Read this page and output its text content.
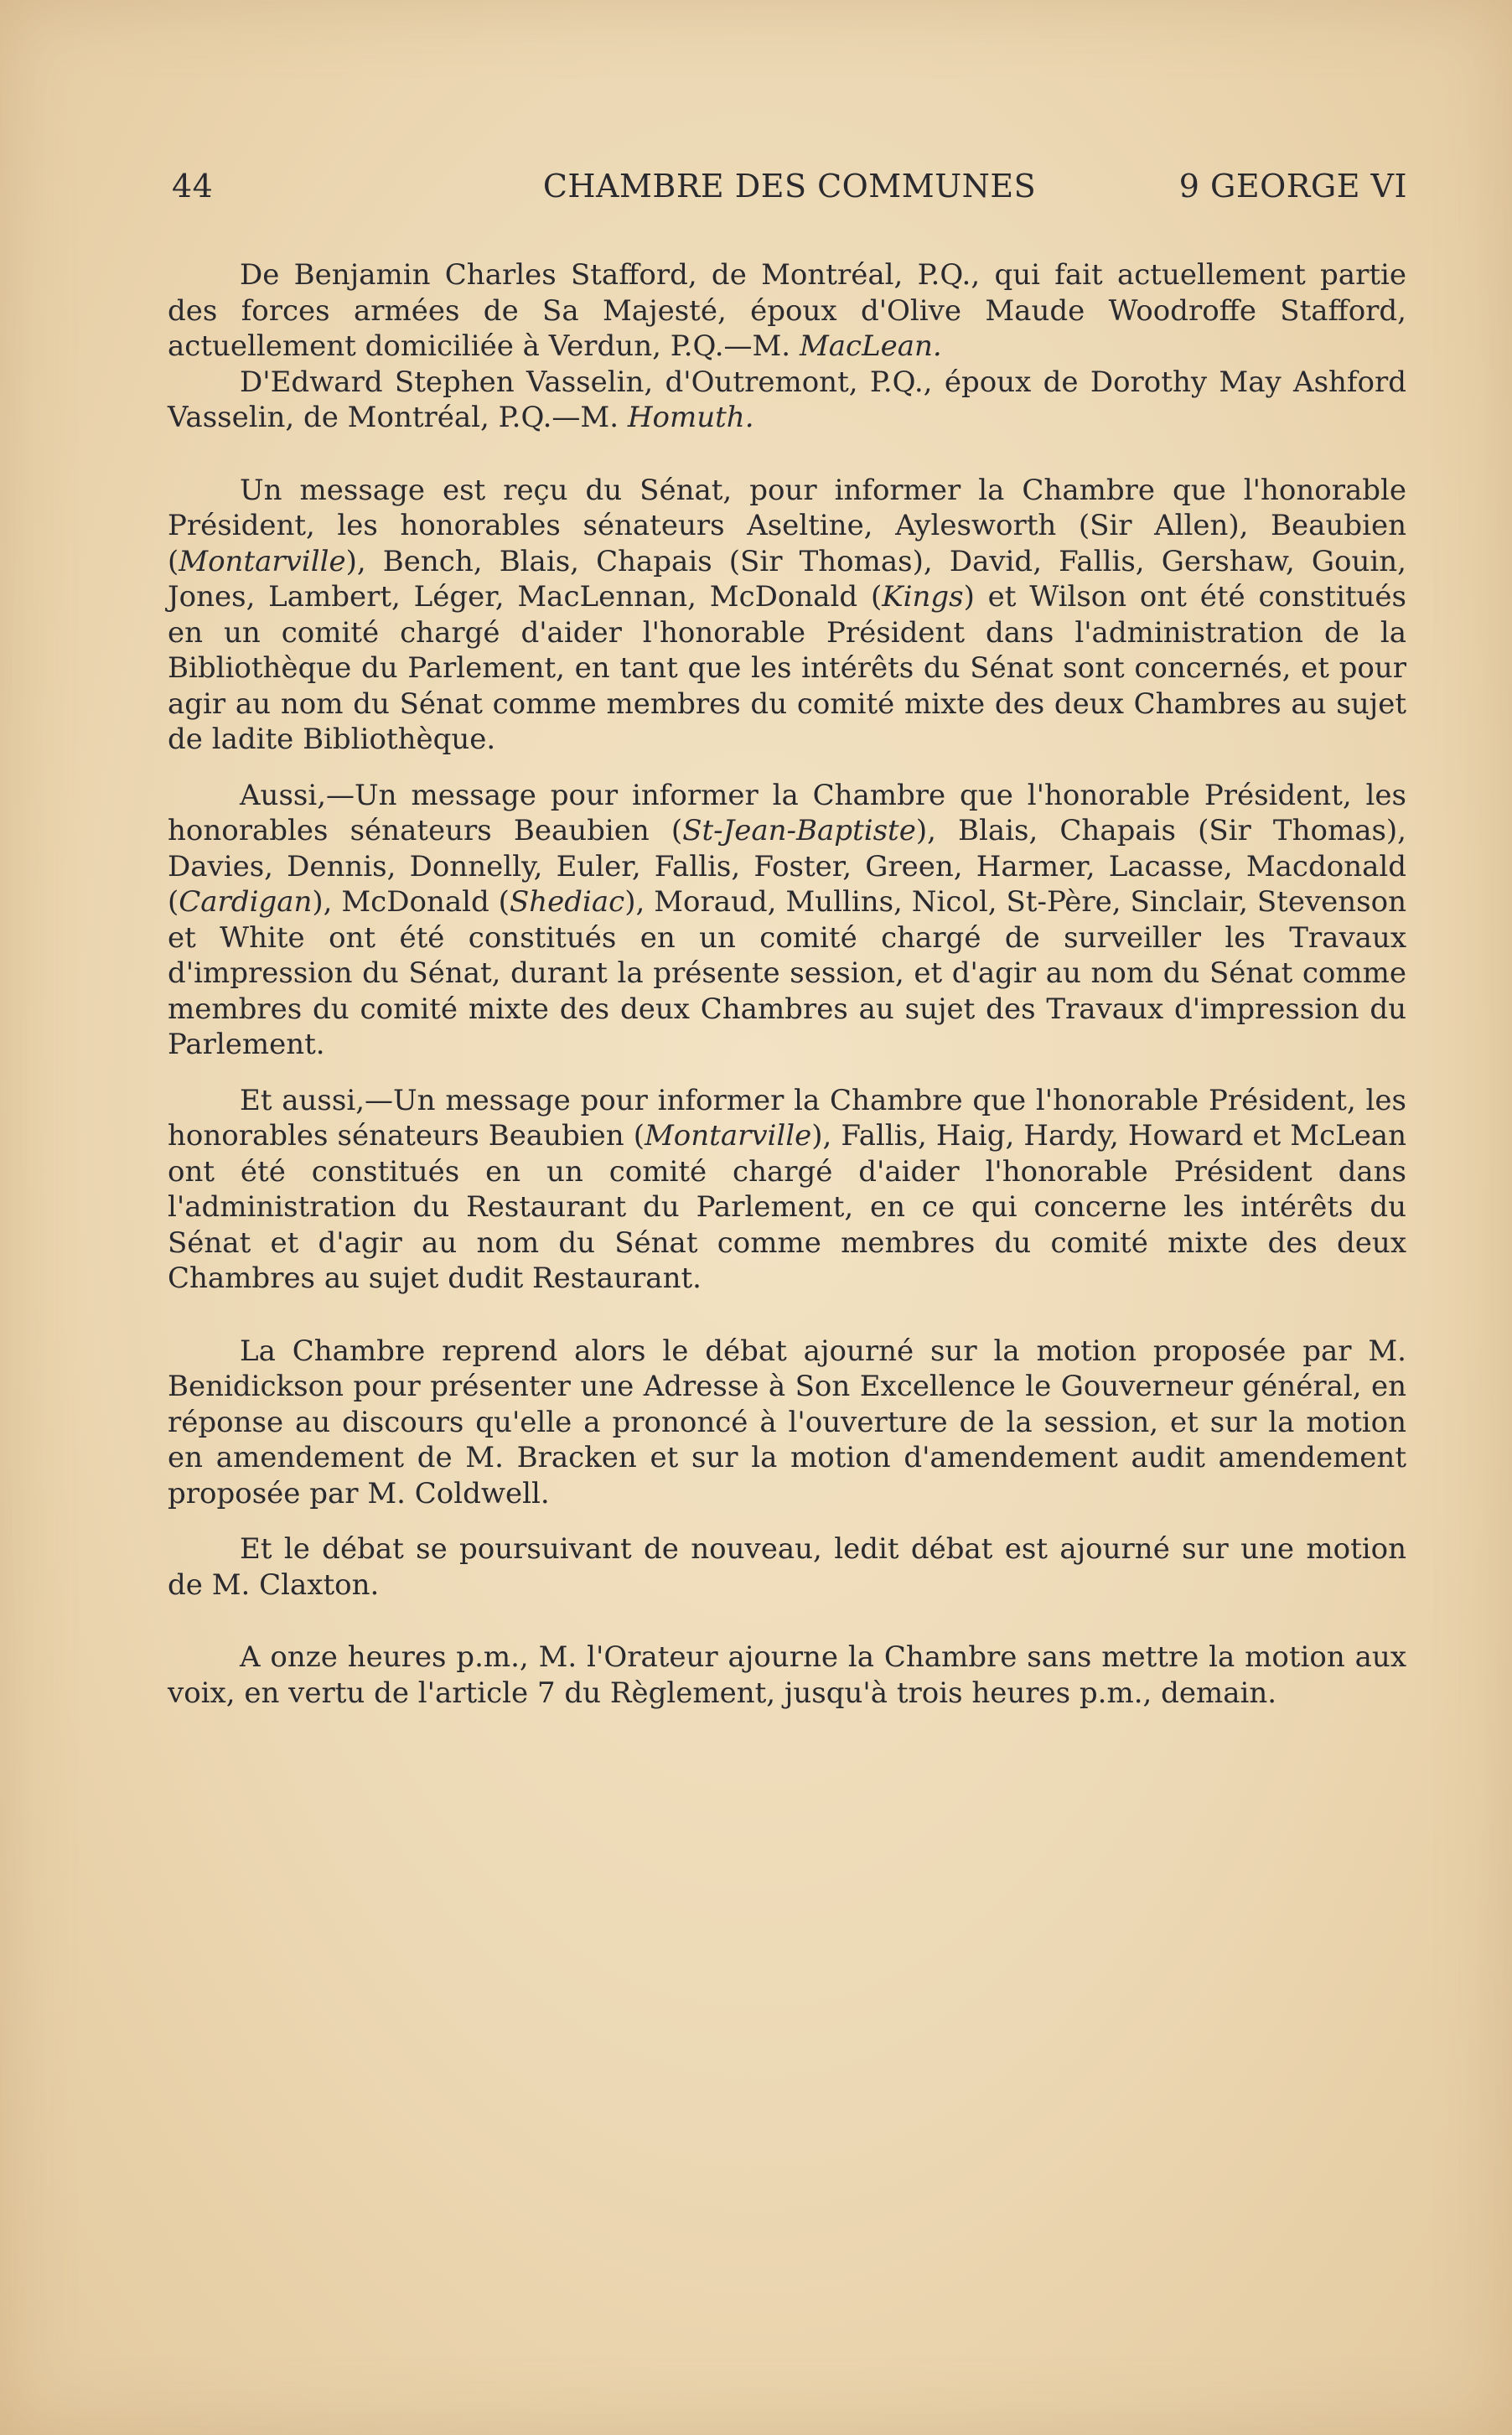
44	CHAMBRE DES COMMUNES	9 GEORGE VI

De Benjamin Charles Stafford, de Montréal, P.Q., qui fait actuellement partie des forces armées de Sa Majesté, époux d'Olive Maude Woodroffe Stafford, actuellement domiciliée à Verdun, P.Q.—M. MacLean.

D'Edward Stephen Vasselin, d'Outremont, P.Q., époux de Dorothy May Ashford Vasselin, de Montréal, P.Q.—M. Homuth.

Un message est reçu du Sénat, pour informer la Chambre que l'honorable Président, les honorables sénateurs Aseltine, Aylesworth (Sir Allen), Beaubien (Montarville), Bench, Blais, Chapais (Sir Thomas), David, Fallis, Gershaw, Gouin, Jones, Lambert, Léger, MacLennan, McDonald (Kings) et Wilson ont été constitués en un comité chargé d'aider l'honorable Président dans l'administration de la Bibliothèque du Parlement, en tant que les intérêts du Sénat sont concernés, et pour agir au nom du Sénat comme membres du comité mixte des deux Chambres au sujet de ladite Bibliothèque.

Aussi,—Un message pour informer la Chambre que l'honorable Président, les honorables sénateurs Beaubien (St-Jean-Baptiste), Blais, Chapais (Sir Thomas), Davies, Dennis, Donnelly, Euler, Fallis, Foster, Green, Harmer, Lacasse, Macdonald (Cardigan), McDonald (Shediac), Moraud, Mullins, Nicol, St-Père, Sinclair, Stevenson et White ont été constitués en un comité chargé de surveiller les Travaux d'impression du Sénat, durant la présente session, et d'agir au nom du Sénat comme membres du comité mixte des deux Chambres au sujet des Travaux d'impression du Parlement.

Et aussi,—Un message pour informer la Chambre que l'honorable Président, les honorables sénateurs Beaubien (Montarville), Fallis, Haig, Hardy, Howard et McLean ont été constitués en un comité chargé d'aider l'honorable Président dans l'administration du Restaurant du Parlement, en ce qui concerne les intérêts du Sénat et d'agir au nom du Sénat comme membres du comité mixte des deux Chambres au sujet dudit Restaurant.

La Chambre reprend alors le débat ajourné sur la motion proposée par M. Benidickson pour présenter une Adresse à Son Excellence le Gouverneur général, en réponse au discours qu'elle a prononcé à l'ouverture de la session, et sur la motion en amendement de M. Bracken et sur la motion d'amendement audit amendement proposée par M. Coldwell.

Et le débat se poursuivant de nouveau, ledit débat est ajourné sur une motion de M. Claxton.

A onze heures p.m., M. l'Orateur ajourne la Chambre sans mettre la motion aux voix, en vertu de l'article 7 du Règlement, jusqu'à trois heures p.m., demain.
